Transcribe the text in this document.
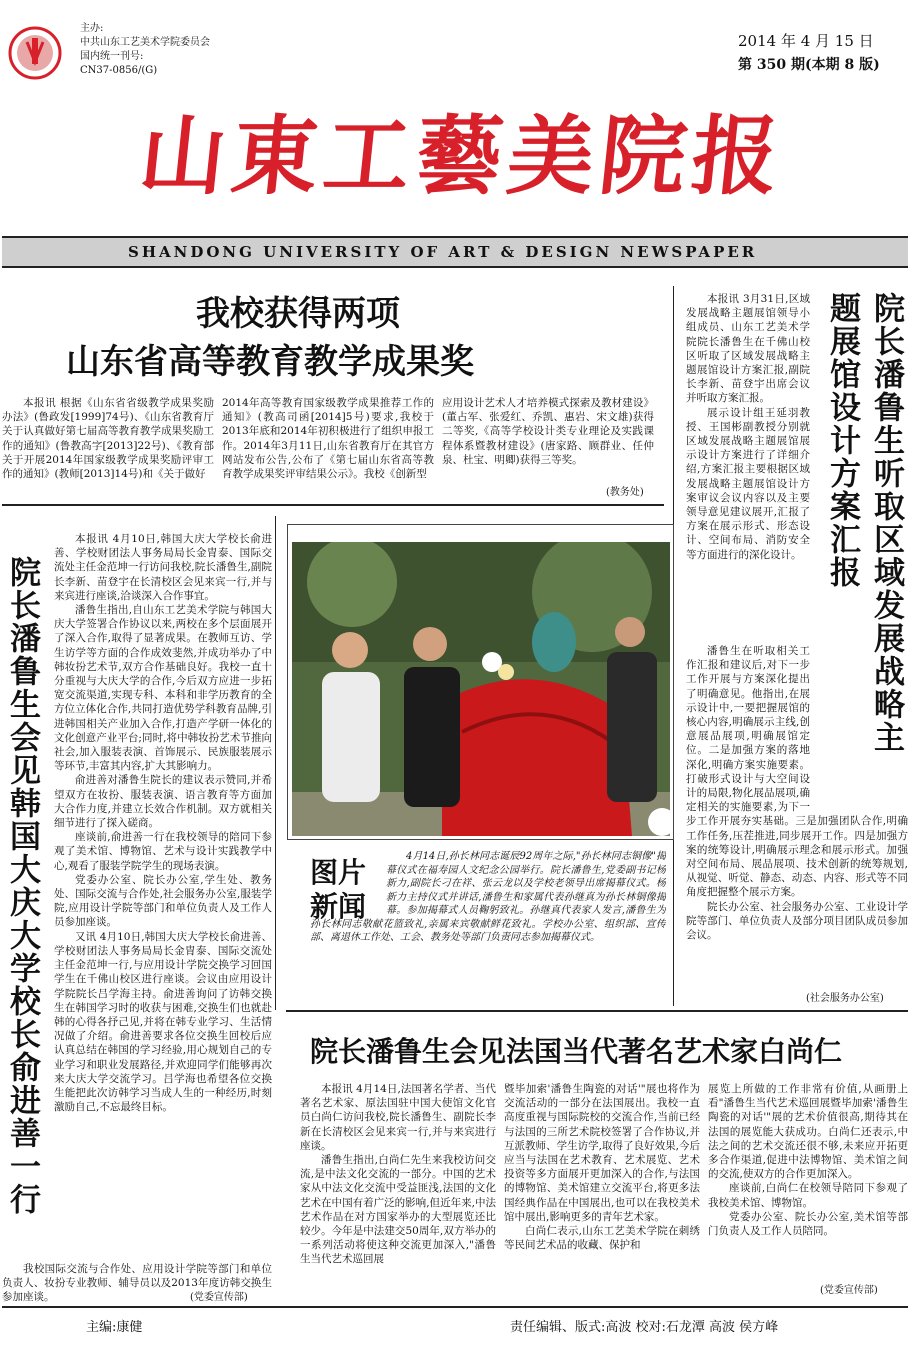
主办:
中共山东工艺美术学院委员会
国内统一刊号:
CN37-0856/(G)
2014 年 4 月 15 日
第 350 期(本期 8 版)
山東工藝美院报
SHANDONG UNIVERSITY OF ART & DESIGN NEWSPAPER
我校获得两项
山东省高等教育教学成果奖

本报讯 根据《山东省省级教学成果奖励办法》(鲁政发[1999]74号)、《山东省教育厅关于认真做好第七届高等教育教学成果奖励工作的通知》(鲁教高字[2013]22号)、《教育部关于开展2014年国家级教学成果奖励评审工作的通知》(教师[2013]14号)和《关于做好

2014年高等教育国家级教学成果推荐工作的通知》(教高司函[2014]5号)要求,我校于2013年底和2014年初积极进行了组织申报工作。2014年3月11日,山东省教育厅在其官方网站发布公告,公布了《第七届山东省高等教育教学成果奖评审结果公示》。我校《创新型

应用设计艺术人才培养模式探索及教材建设》(董占军、张爱红、乔凯、惠岩、宋文雄)获得二等奖,《高等学校设计类专业理论及实践课程体系暨教材建设》(唐家路、顾群业、任仲泉、杜宝、明卿)获得三等奖。

(教务处)
院长潘鲁生会见韩国大庆大学校长俞进善一行

本报讯 4月10日,韩国大庆大学校长俞进善、学校财团法人事务局局长金胄泰、国际交流处主任金范坤一行访问我校,院长潘鲁生,副院长李新、苗登宇在长清校区会见来宾一行,并与来宾进行座谈,洽谈深入合作事宜。

潘鲁生指出,自山东工艺美术学院与韩国大庆大学签署合作协议以来,两校在多个层面展开了深入合作,取得了显著成果。在教师互访、学生访学等方面的合作成效斐然,并成功举办了中韩妆扮艺术节,双方合作基础良好。我校一直十分重视与大庆大学的合作,今后双方应进一步拓宽交流渠道,实现专科、本科和非学历教育的全方位立体化合作,共同打造优势学科教育品牌,引进韩国相关产业加入合作,打造产学研一体化的文化创意产业平台;同时,将中韩妆扮艺术节推向社会,加入服装表演、首饰展示、民族服装展示等环节,丰富其内容,扩大其影响力。

俞进善对潘鲁生院长的建议表示赞同,并希望双方在妆扮、服装表演、语言教育等方面加大合作力度,并建立长效合作机制。双方就相关细节进行了探入磋商。

座谈前,俞进善一行在我校领导的陪同下参观了美术馆、博物馆、艺术与设计实践教学中心,观看了服装学院学生的现场表演。

党委办公室、院长办公室,学生处、教务处、国际交流与合作处,社会服务办公室,服装学院,应用设计学院等部门和单位负责人及工作人员参加座谈。

又讯 4月10日,韩国大庆大学校长俞进善、学校财团法人事务局局长金胄泰、国际交流处主任金范坤一行,与应用设计学院交换学习回国学生在千佛山校区进行座谈。会议由应用设计学院院长吕学海主持。俞进善询问了访韩交换生在韩国学习时的收获与困难,交换生们也就赴韩的心得各抒己见,并将在韩专业学习、生活情况做了介绍。俞进善要求各位交换生回校后应认真总结在韩国的学习经验,用心规划自己的专业学习和职业发展路径,并欢迎同学们能够再次来大庆大学交流学习。吕学海也希望各位交换生能把此次访韩学习当成人生的一种经历,时刻激励自己,不忘最终目标。

我校国际交流与合作处、应用设计学院等部门和单位负责人、妆扮专业教师、辅导员以及2013年度访韩交换生参加座谈。	(党委宣传部)
图片新闻

4月14日,孙长林同志诞辰92周年之际,"孙长林同志铜像"揭幕仪式在福寿园人文纪念公园举行。院长潘鲁生,党委副书记杨新力,副院长刁在祥、张云龙以及学校老领导出席揭幕仪式。杨新力主持仪式并讲话,潘鲁生和家属代表孙继真为孙长林铜像揭幕。参加揭幕式人员鞠躬致礼。孙继真代表家人发言,潘鲁生为孙长林同志敬献花篮致礼,亲属来宾敬献鲜花致礼。学校办公室、组织部、宣传部、离退休工作处、工会、教务处等部门负责同志参加揭幕仪式。

院长潘鲁生听取区域发展战略主题展馆设计方案汇报

本报讯 3月31日,区域发展战略主题展馆领导小组成员、山东工艺美术学院院长潘鲁生在千佛山校区听取了区域发展战略主题展馆设计方案汇报,副院长李新、苗登宇出席会议并听取方案汇报。

展示设计组王延羽教授、王国彬副教授分别就区域发展战略主题展馆展示设计方案进行了详细介绍,方案汇报主要根据区域发展战略主题展馆设计方案审议会议内容以及主要领导意见建议展开,汇报了方案在展示形式、形态设计、空间布局、消防安全等方面进行的深化设计。

潘鲁生在听取相关工作汇报和建议后,对下一步工作开展与方案深化提出了明确意见。他指出,在展示设计中,一要把握展馆的核心内容,明确展示主线,创意展品展项,明确展馆定位。二是加强方案的落地深化,明确方案实施要素。打破形式设计与大空间设计的局限,物化展品展项,确定相关的实施要素,为下一步工作开展夯实基础。三是加强团队合作,明确工作任务,压茬推进,同步展开工作。四是加强方案的统筹设计,明确展示理念和展示形式。加强对空间布局、展品展项、技术创新的统筹规划,从视觉、听觉、静态、动态、内容、形式等不同角度把握整个展示方案。

院长办公室、社会服务办公室、工业设计学院等部门、单位负责人及部分项目团队成员参加会议。

(社会服务办公室)
院长潘鲁生会见法国当代著名艺术家白尚仁

本报讯 4月14日,法国著名学者、当代著名艺术家、原法国驻中国大使馆文化官员白尚仁访问我校,院长潘鲁生、副院长李新在长清校区会见来宾一行,并与来宾进行座谈。

潘鲁生指出,白尚仁先生来我校访问交流,是中法文化交流的一部分。中国的艺术家从中法文化交流中受益匪浅,法国的文化艺术在中国有着广泛的影响,但近年来,中法艺术作品在对方国家举办的大型展览还比较少。今年是中法建交50周年,双方举办的一系列活动将使这种交流更加深入,"潘鲁生当代艺术巡回展

暨毕加索'潘鲁生陶瓷的对话'"展也将作为交流活动的一部分在法国展出。我校一直高度重视与国际院校的交流合作,当前已经与法国的三所艺术院校签署了合作协议,并互派教师、学生访学,取得了良好效果,今后应当与法国在艺术教育、艺术展览、艺术投资等多方面展开更加深入的合作,与法国的博物馆、美术馆建立交流平台,将更多法国经典作品在中国展出,也可以在我校美术馆中展出,影响更多的青年艺术家。

白尚仁表示,山东工艺美术学院在刺绣等民间艺术品的收藏、保护和

展览上所做的工作非常有价值,从画册上看"潘鲁生当代艺术巡回展暨毕加索'潘鲁生陶瓷的对话'"展的艺术价值很高,期待其在法国的展览能大获成功。白尚仁还表示,中法之间的艺术交流还很不够,未来应开拓更多合作渠道,促进中法博物馆、美术馆之间的交流,使双方的合作更加深入。

座谈前,白尚仁在校领导陪同下参观了我校美术馆、博物馆。

党委办公室、院长办公室,美术馆等部门负责人及工作人员陪同。

(党委宣传部)
主编:康健	责任编辑、版式:高波 校对:石龙潭 高波 侯方峰
